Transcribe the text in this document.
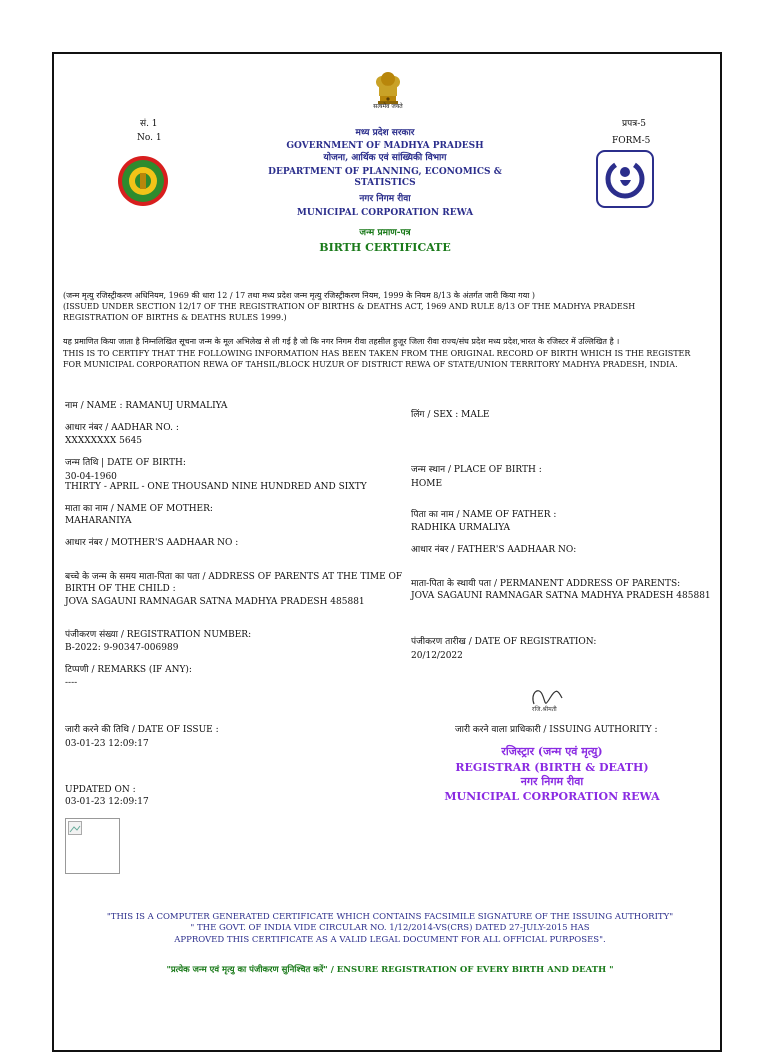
सत्यमेव जयते
सं. 1
No. 1
प्रपत्र-5
FORM-5
मध्य प्रदेश सरकार
GOVERNMENT OF MADHYA PRADESH
योजना, आर्थिक एवं सांख्यिकी विभाग
DEPARTMENT OF PLANNING, ECONOMICS &
STATISTICS
नगर निगम रीवा
MUNICIPAL CORPORATION REWA
जन्म प्रमाण-पत्र
BIRTH CERTIFICATE
(जन्म मृत्यु रजिस्ट्रीकरण अधिनियम, 1969 की धारा 12 / 17 तथा मध्य प्रदेश जन्म मृत्यु रजिस्ट्रीकरण नियम, 1999 के नियम 8/13 के अंतर्गत जारी किया गया )
(ISSUED UNDER SECTION 12/17 OF THE REGISTRATION OF BIRTHS & DEATHS ACT, 1969 AND RULE 8/13 OF THE MADHYA PRADESH
REGISTRATION OF BIRTHS & DEATHS RULES 1999.)
यह प्रमाणित किया जाता है निम्नलिखित सूचना जन्म के मूल अभिलेख से ली गई है जो कि नगर निगम रीवा तहसील हुजूर जिला रीवा राज्य/संघ प्रदेश मध्य प्रदेश,भारत के रजिस्टर में उल्लिखित है ।
THIS IS TO CERTIFY THAT THE FOLLOWING INFORMATION HAS BEEN TAKEN FROM THE ORIGINAL RECORD OF BIRTH WHICH IS THE REGISTER
FOR MUNICIPAL CORPORATION REWA OF TAHSIL/BLOCK HUZUR OF DISTRICT REWA OF STATE/UNION TERRITORY MADHYA PRADESH, INDIA.
नाम / NAME : RAMANUJ URMALIYA
आधार नंबर / AADHAR NO. :
XXXXXXXX 5645
जन्म तिथि | DATE OF BIRTH:
30-04-1960
THIRTY - APRIL - ONE THOUSAND NINE HUNDRED AND SIXTY
माता का नाम / NAME OF MOTHER:
MAHARANIYA
आधार नंबर / MOTHER'S AADHAAR NO :
बच्चे के जन्म के समय माता-पिता का पता / ADDRESS OF PARENTS AT THE TIME OF
BIRTH OF THE CHILD :
JOVA SAGAUNI RAMNAGAR SATNA MADHYA PRADESH 485881
पंजीकरण संख्या / REGISTRATION NUMBER:
B-2022: 9-90347-006989
टिप्पणी / REMARKS (IF ANY):
----
जारी करने की तिथि / DATE OF ISSUE :
03-01-23 12:09:17
UPDATED ON :
03-01-23 12:09:17
लिंग / SEX : MALE
जन्म स्थान / PLACE OF BIRTH :
HOME
पिता का नाम / NAME OF FATHER :
RADHIKA URMALIYA
आधार नंबर / FATHER'S AADHAAR NO:
माता-पिता के स्थायी पता / PERMANENT ADDRESS OF PARENTS:
JOVA SAGAUNI RAMNAGAR SATNA MADHYA PRADESH 485881
पंजीकरण तारीख / DATE OF REGISTRATION:
20/12/2022
रजि.श्रीमती
जारी करने वाला प्राधिकारी / ISSUING AUTHORITY :
रजिस्ट्रार (जन्म एवं मृत्यु)
REGISTRAR (BIRTH & DEATH)
नगर निगम रीवा
MUNICIPAL CORPORATION REWA
"THIS IS A COMPUTER GENERATED CERTIFICATE WHICH CONTAINS FACSIMILE SIGNATURE OF THE ISSUING AUTHORITY"
" THE GOVT. OF INDIA VIDE CIRCULAR NO. 1/12/2014-VS(CRS) DATED 27-JULY-2015 HAS
APPROVED THIS CERTIFICATE AS A VALID LEGAL DOCUMENT FOR ALL OFFICIAL PURPOSES".
"प्रत्येक जन्म एवं मृत्यु का पंजीकरण सुनिश्चित करें" / ENSURE REGISTRATION OF EVERY BIRTH AND DEATH "
